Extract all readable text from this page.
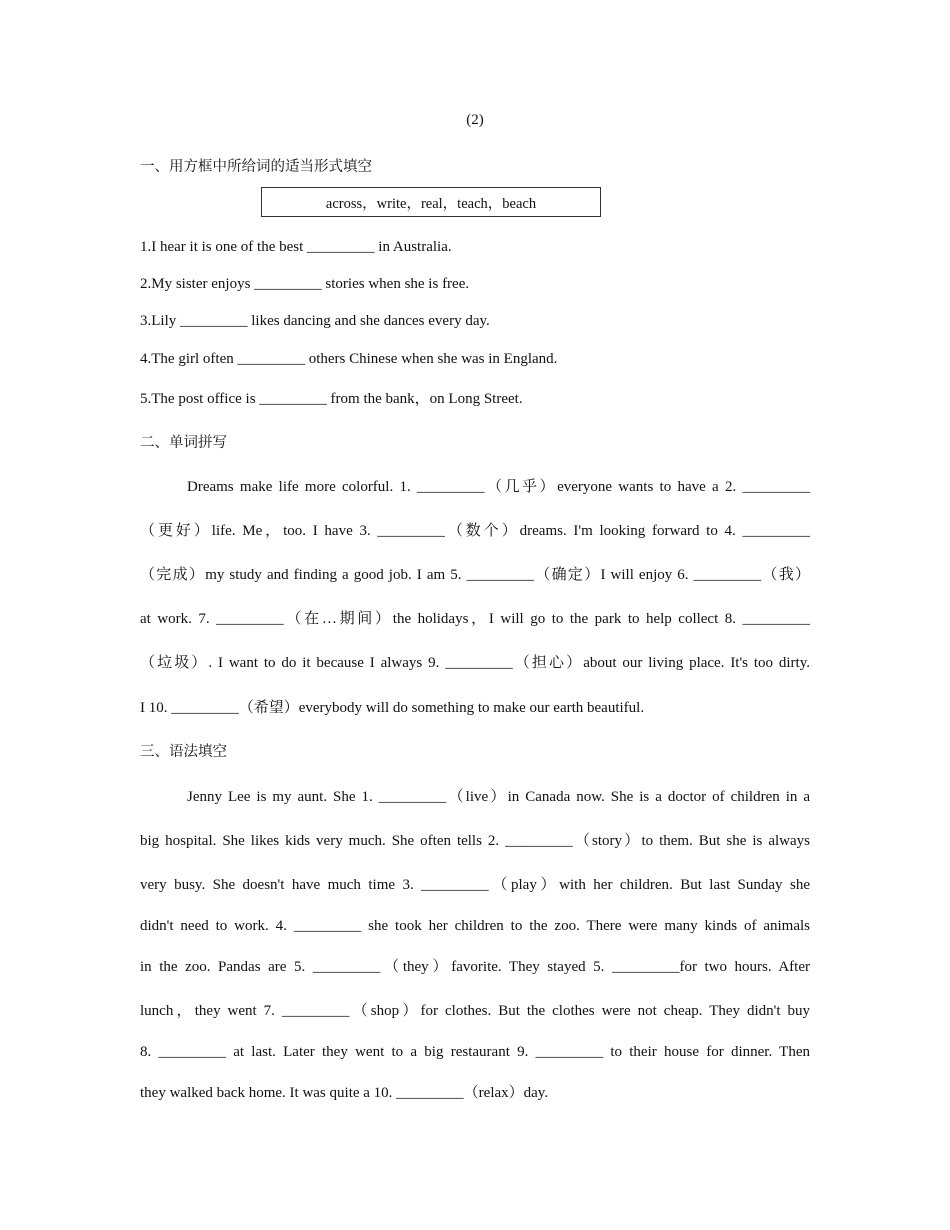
(2)
一、用方框中所给词的适当形式填空
across，write，real，teach，beach
1.I hear it is one of the best _________ in Australia.
2.My sister enjoys _________ stories when she is free.
3.Lily _________ likes dancing and she dances every day.
4.The girl often _________ others Chinese when she was in England.
5.The post office is _________ from the bank，on Long Street.
二、单词拼写
Dreams make life more colorful. 1. _________（几乎）everyone wants to have a 2. _________
（更好）life. Me，too. I have 3. _________（数个）dreams. I'm looking forward to 4. _________
（完成）my study and finding a good job. I am 5. _________（确定）I will enjoy 6. _________（我）
at work. 7. _________（在…期间）the holidays，I will go to the park to help collect 8. _________
（垃圾）. I want to do it because I always 9. _________（担心）about our living place. It's too dirty.
I 10. _________（希望）everybody will do something to make our earth beautiful.
三、语法填空
Jenny Lee is my aunt. She 1. _________（live）in Canada now. She is a doctor of children in a
big hospital. She likes kids very much. She often tells 2. _________（story）to them. But she is always
very busy. She doesn't have much time 3. _________（play）with her children. But last Sunday she
didn't need to work. 4. _________ she took her children to the zoo. There were many kinds of animals
in the zoo. Pandas are 5. _________（they）favorite. They stayed 5. _________for two hours. After
lunch，they went 7. _________（shop）for clothes. But the clothes were not cheap. They didn't buy
8. _________ at last. Later they went to a big restaurant 9. _________ to their house for dinner. Then
they walked back home. It was quite a 10. _________（relax）day.
